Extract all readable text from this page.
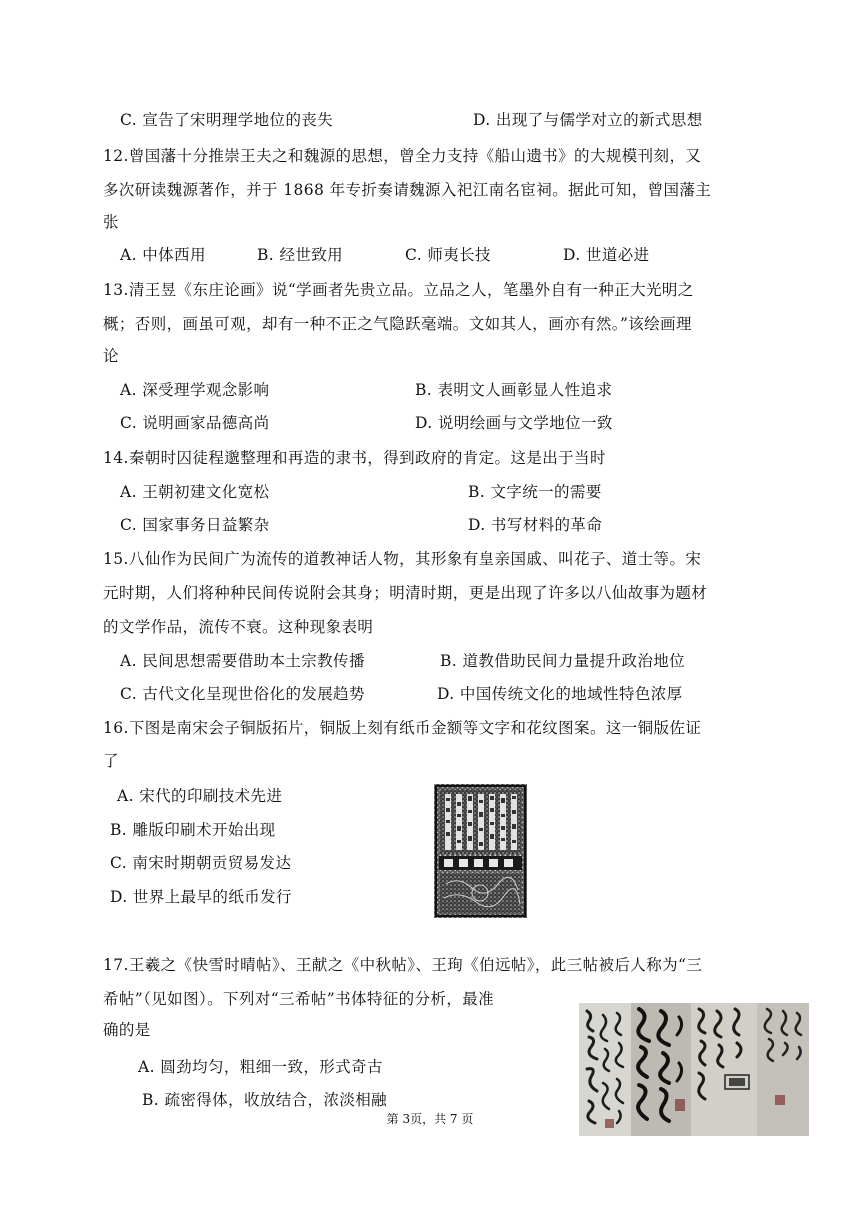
C. 宣告了宋明理学地位的丧失	D. 出现了与儒学对立的新式思想
12.曾国藩十分推崇王夫之和魏源的思想，曾全力支持《船山遗书》的大规模刊刻，又
多次研读魏源著作，并于 1868 年专折奏请魏源入祀江南名宦祠。据此可知，曾国藩主
张
A. 中体西用	B. 经世致用	C. 师夷长技	D. 世道必进
13.清王昱《东庄论画》说“学画者先贵立品。立品之人，笔墨外自有一种正大光明之
概；否则，画虽可观，却有一种不正之气隐跃毫端。文如其人，画亦有然。”该绘画理
论
A. 深受理学观念影响	B. 表明文人画彰显人性追求
C. 说明画家品德高尚	D. 说明绘画与文学地位一致
14.秦朝时囚徒程邈整理和再造的隶书，得到政府的肯定。这是出于当时
A. 王朝初建文化宽松	B. 文字统一的需要
C. 国家事务日益繁杂	D. 书写材料的革命
15.八仙作为民间广为流传的道教神话人物，其形象有皇亲国戚、叫花子、道士等。宋
元时期，人们将种种民间传说附会其身；明清时期，更是出现了许多以八仙故事为题材
的文学作品，流传不衰。这种现象表明
A. 民间思想需要借助本土宗教传播	B. 道教借助民间力量提升政治地位
C. 古代文化呈现世俗化的发展趋势	D. 中国传统文化的地域性特色浓厚
16.下图是南宋会子铜版拓片，铜版上刻有纸币金额等文字和花纹图案。这一铜版佐证
了
A. 宋代的印刷技术先进
B. 雕版印刷术开始出现
C. 南宋时期朝贡贸易发达
D. 世界上最早的纸币发行
17.王羲之《快雪时晴帖》、王献之《中秋帖》、王珣《伯远帖》，此三帖被后人称为“三
希帖”（见如图）。下列对“三希帖”书体特征的分析，最准
确的是
A. 圆劲均匀，粗细一致，形式奇古
B. 疏密得体，收放结合，浓淡相融
第 3页，共 7 页
